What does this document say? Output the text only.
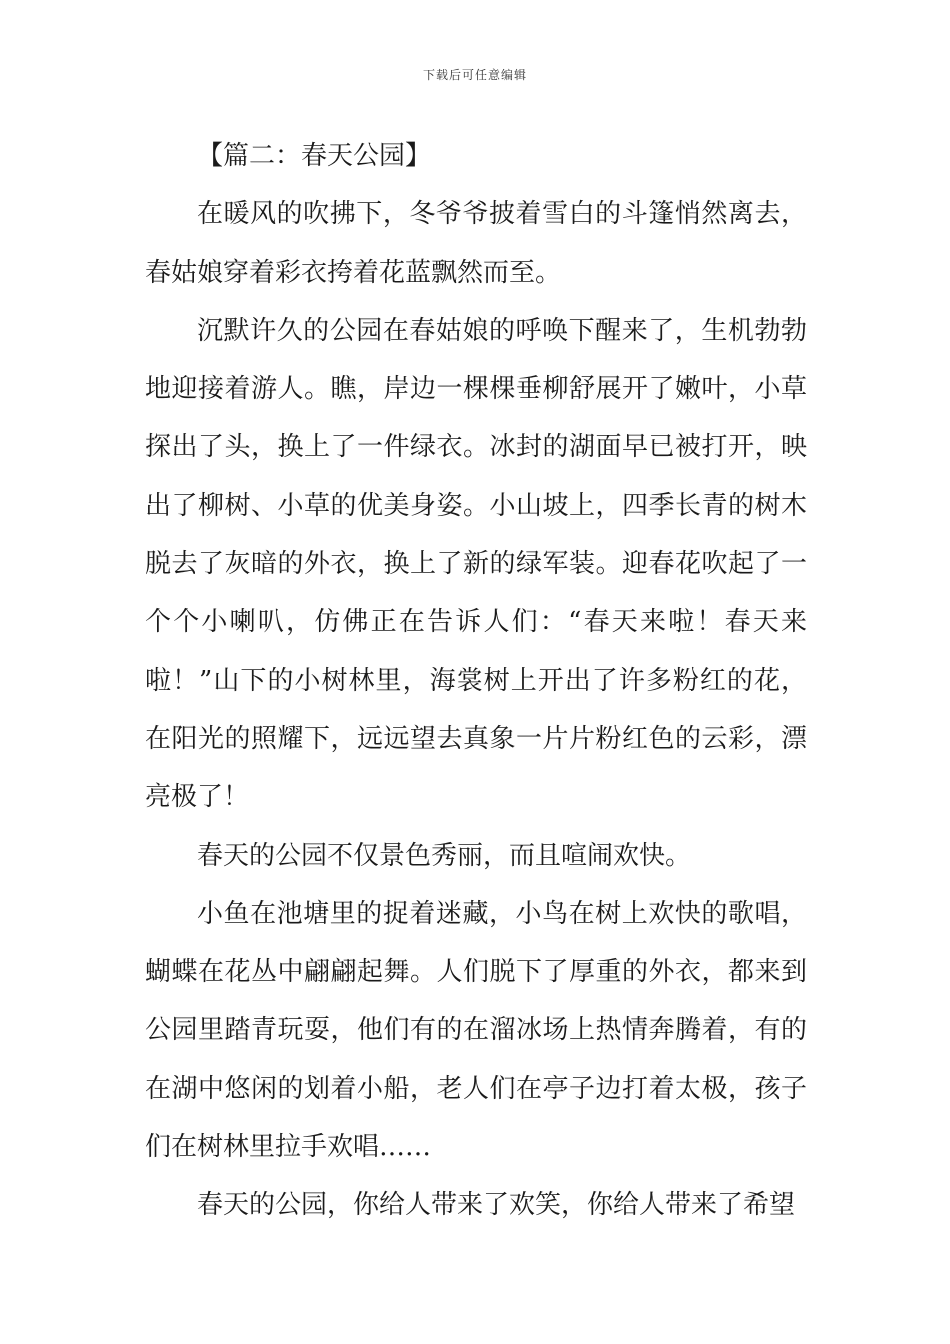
下载后可任意编辑

【篇二：春天公园】

在暖风的吹拂下，冬爷爷披着雪白的斗篷悄然离去，春姑娘穿着彩衣挎着花蓝飘然而至。

沉默许久的公园在春姑娘的呼唤下醒来了，生机勃勃地迎接着游人。瞧，岸边一棵棵垂柳舒展开了嫩叶，小草探出了头，换上了一件绿衣。冰封的湖面早已被打开，映出了柳树、小草的优美身姿。小山坡上，四季长青的树木脱去了灰暗的外衣，换上了新的绿军装。迎春花吹起了一个个小喇叭，仿佛正在告诉人们：“春天来啦！春天来啦！”山下的小树林里，海裳树上开出了许多粉红的花，在阳光的照耀下，远远望去真象一片片粉红色的云彩，漂亮极了！

春天的公园不仅景色秀丽，而且喧闹欢快。

小鱼在池塘里的捉着迷藏，小鸟在树上欢快的歌唱，蝴蝶在花丛中翩翩起舞。人们脱下了厚重的外衣，都来到公园里踏青玩耍，他们有的在溜冰场上热情奔腾着，有的在湖中悠闲的划着小船，老人们在亭子边打着太极，孩子们在树林里拉手欢唱……

春天的公园，你给人带来了欢笑，你给人带来了希望
